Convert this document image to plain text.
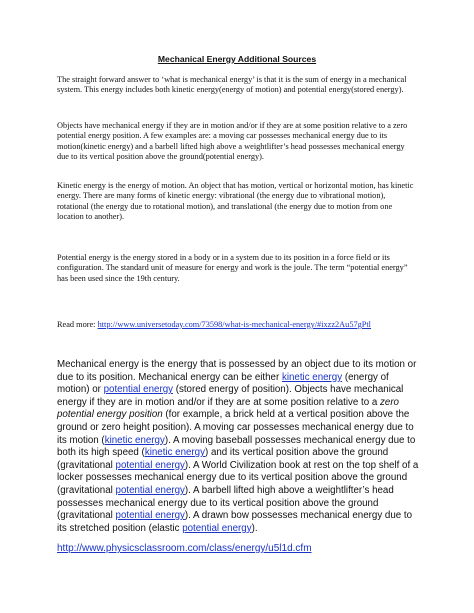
Mechanical Energy Additional Sources

The straight forward answer to ‘what is mechanical energy’ is that it is the sum of energy in a mechanical system. This energy includes both kinetic energy(energy of motion) and potential energy(stored energy).

Objects have mechanical energy if they are in motion and/or if they are at some position relative to a zero potential energy position. A few examples are: a moving car possesses mechanical energy due to its motion(kinetic energy) and a barbell lifted high above a weightlifter’s head possesses mechanical energy due to its vertical position above the ground(potential energy).

Kinetic energy is the energy of motion. An object that has motion, vertical or horizontal motion, has kinetic energy. There are many forms of kinetic energy: vibrational (the energy due to vibrational motion), rotational (the energy due to rotational motion), and translational (the energy due to motion from one location to another).

Potential energy is the energy stored in a body or in a system due to its position in a force field or its configuration. The standard unit of measure for energy and work is the joule. The term “potential energy” has been used since the 19th century.

Read more: http://www.universetoday.com/73598/what-is-mechanical-energy/#ixzz2Au57gPtl

Mechanical energy is the energy that is possessed by an object due to its motion or due to its position. Mechanical energy can be either kinetic energy (energy of motion) or potential energy (stored energy of position). Objects have mechanical energy if they are in motion and/or if they are at some position relative to a zero potential energy position (for example, a brick held at a vertical position above the ground or zero height position). A moving car possesses mechanical energy due to its motion (kinetic energy). A moving baseball possesses mechanical energy due to both its high speed (kinetic energy) and its vertical position above the ground (gravitational potential energy). A World Civilization book at rest on the top shelf of a locker possesses mechanical energy due to its vertical position above the ground (gravitational potential energy). A barbell lifted high above a weightlifter’s head possesses mechanical energy due to its vertical position above the ground (gravitational potential energy). A drawn bow possesses mechanical energy due to its stretched position (elastic potential energy).

http://www.physicsclassroom.com/class/energy/u5l1d.cfm
